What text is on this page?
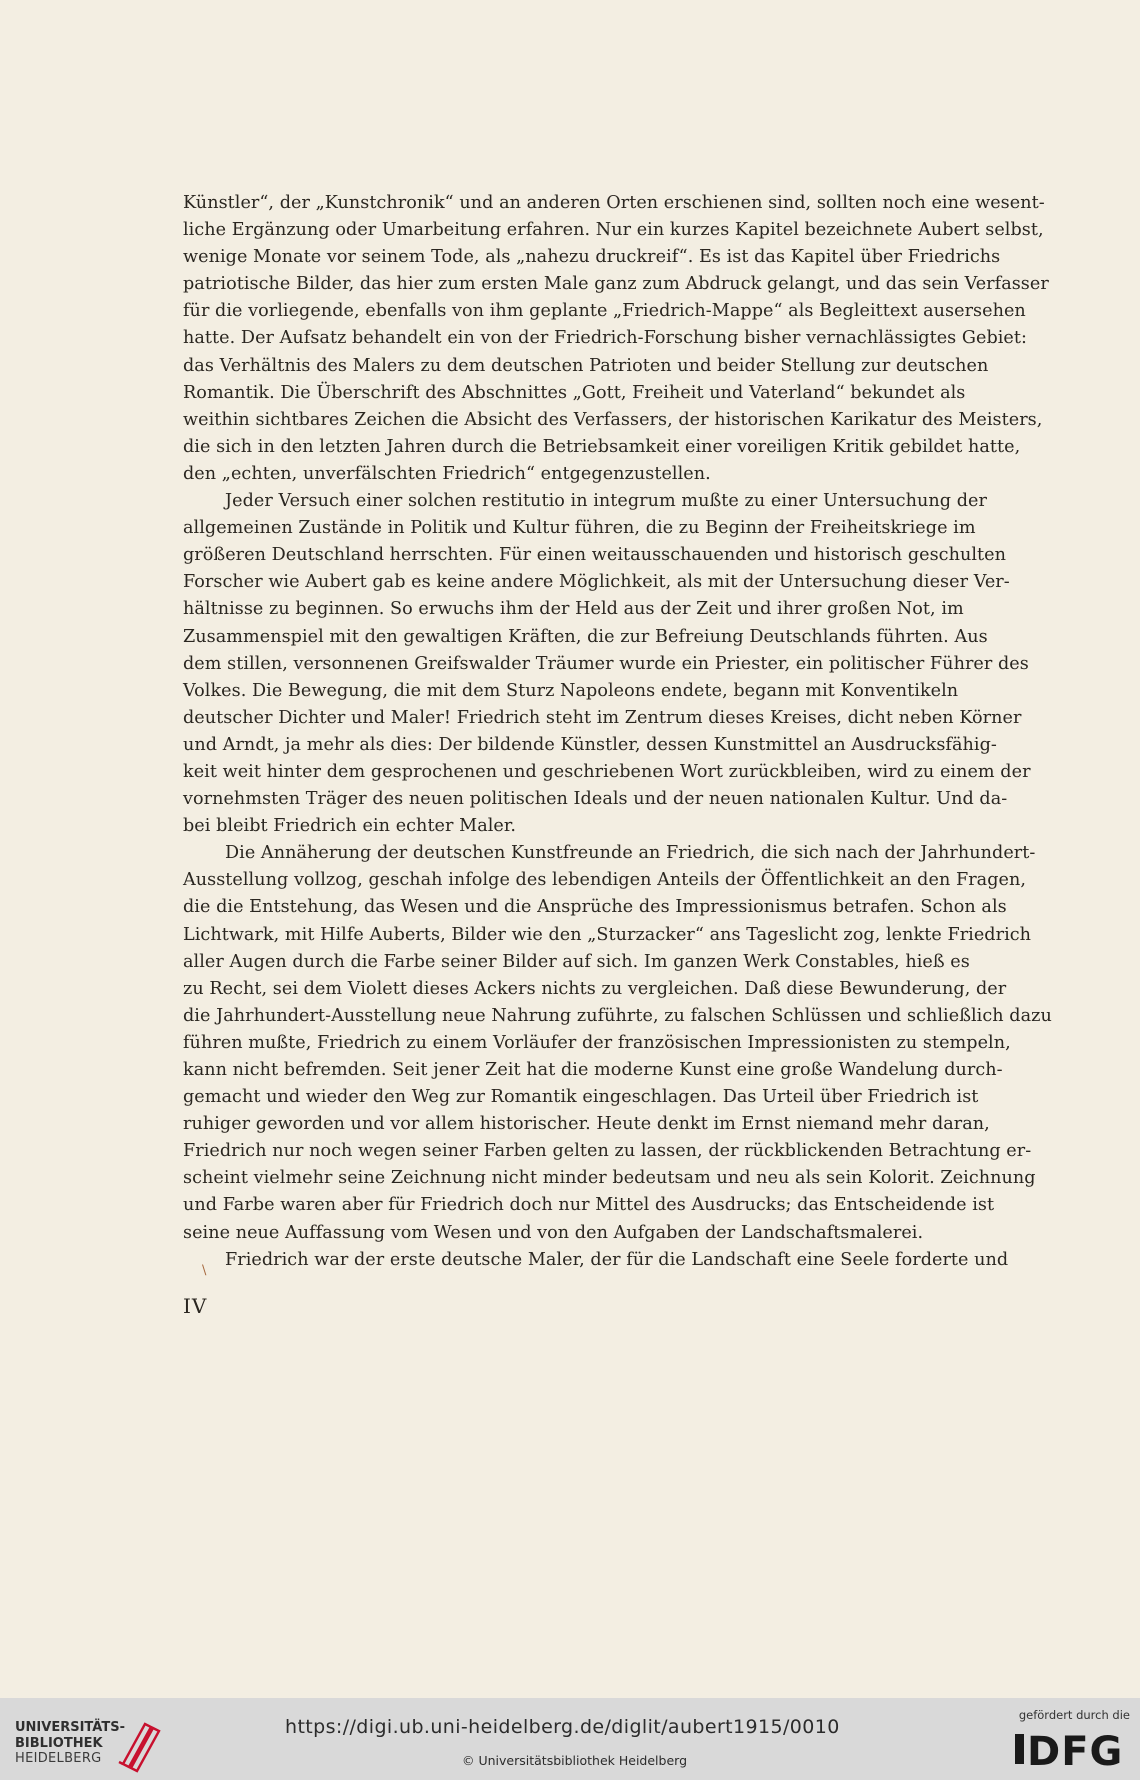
Künstler“, der „Kunstchronik“ und an anderen Orten erschienen sind, sollten noch eine wesent-
liche Ergänzung oder Umarbeitung erfahren. Nur ein kurzes Kapitel bezeichnete Aubert selbst,
wenige Monate vor seinem Tode, als „nahezu druckreif“. Es ist das Kapitel über Friedrichs
patriotische Bilder, das hier zum ersten Male ganz zum Abdruck gelangt, und das sein Verfasser
für die vorliegende, ebenfalls von ihm geplante „Friedrich-Mappe“ als Begleittext ausersehen
hatte. Der Aufsatz behandelt ein von der Friedrich-Forschung bisher vernachlässigtes Gebiet:
das Verhältnis des Malers zu dem deutschen Patrioten und beider Stellung zur deutschen
Romantik. Die Überschrift des Abschnittes „Gott, Freiheit und Vaterland“ bekundet als
weithin sichtbares Zeichen die Absicht des Verfassers, der historischen Karikatur des Meisters,
die sich in den letzten Jahren durch die Betriebsamkeit einer voreiligen Kritik gebildet hatte,
den „echten, unverfälschten Friedrich“ entgegenzustellen.
Jeder Versuch einer solchen restitutio in integrum mußte zu einer Untersuchung der
allgemeinen Zustände in Politik und Kultur führen, die zu Beginn der Freiheitskriege im
größeren Deutschland herrschten. Für einen weitausschauenden und historisch geschulten
Forscher wie Aubert gab es keine andere Möglichkeit, als mit der Untersuchung dieser Ver-
hältnisse zu beginnen. So erwuchs ihm der Held aus der Zeit und ihrer großen Not, im
Zusammenspiel mit den gewaltigen Kräften, die zur Befreiung Deutschlands führten. Aus
dem stillen, versonnenen Greifswalder Träumer wurde ein Priester, ein politischer Führer des
Volkes. Die Bewegung, die mit dem Sturz Napoleons endete, begann mit Konventikeln
deutscher Dichter und Maler! Friedrich steht im Zentrum dieses Kreises, dicht neben Körner
und Arndt, ja mehr als dies: Der bildende Künstler, dessen Kunstmittel an Ausdrucksfähig-
keit weit hinter dem gesprochenen und geschriebenen Wort zurückbleiben, wird zu einem der
vornehmsten Träger des neuen politischen Ideals und der neuen nationalen Kultur. Und da-
bei bleibt Friedrich ein echter Maler.
Die Annäherung der deutschen Kunstfreunde an Friedrich, die sich nach der Jahrhundert-
Ausstellung vollzog, geschah infolge des lebendigen Anteils der Öffentlichkeit an den Fragen,
die die Entstehung, das Wesen und die Ansprüche des Impressionismus betrafen. Schon als
Lichtwark, mit Hilfe Auberts, Bilder wie den „Sturzacker“ ans Tageslicht zog, lenkte Friedrich
aller Augen durch die Farbe seiner Bilder auf sich. Im ganzen Werk Constables, hieß es
zu Recht, sei dem Violett dieses Ackers nichts zu vergleichen. Daß diese Bewunderung, der
die Jahrhundert-Ausstellung neue Nahrung zuführte, zu falschen Schlüssen und schließlich dazu
führen mußte, Friedrich zu einem Vorläufer der französischen Impressionisten zu stempeln,
kann nicht befremden. Seit jener Zeit hat die moderne Kunst eine große Wandelung durch-
gemacht und wieder den Weg zur Romantik eingeschlagen. Das Urteil über Friedrich ist
ruhiger geworden und vor allem historischer. Heute denkt im Ernst niemand mehr daran,
Friedrich nur noch wegen seiner Farben gelten zu lassen, der rückblickenden Betrachtung er-
scheint vielmehr seine Zeichnung nicht minder bedeutsam und neu als sein Kolorit. Zeichnung
und Farbe waren aber für Friedrich doch nur Mittel des Ausdrucks; das Entscheidende ist
seine neue Auffassung vom Wesen und von den Aufgaben der Landschaftsmalerei.
Friedrich war der erste deutsche Maler, der für die Landschaft eine Seele forderte und
\
IV
UNIVERSITÄTS-
BIBLIOTHEK
HEIDELBERG
https://digi.ub.uni-heidelberg.de/diglit/aubert1915/0010
© Universitätsbibliothek Heidelberg
gefördert durch die
DFG
